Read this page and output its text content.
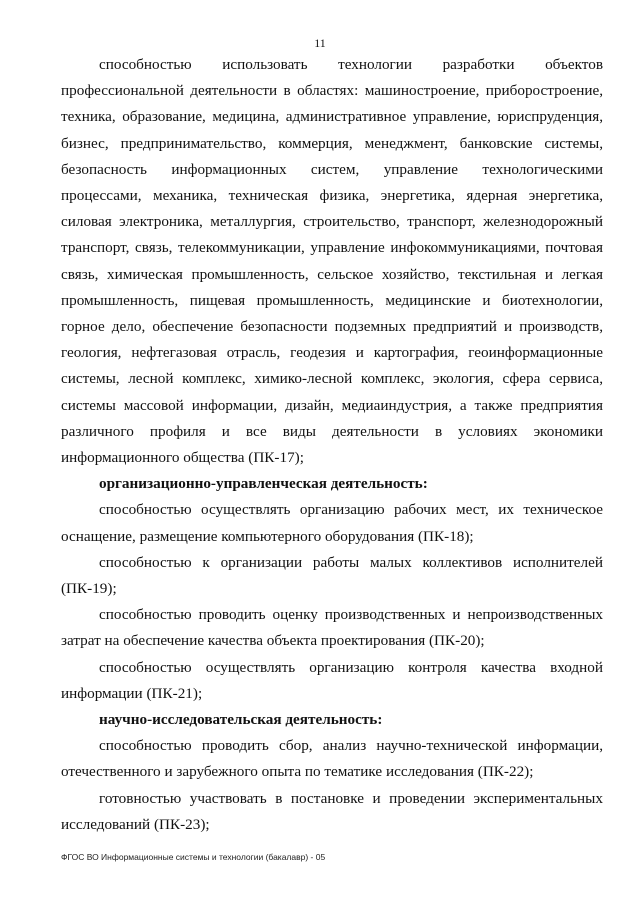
11

способностью использовать технологии разработки объектов профессиональной деятельности в областях: машиностроение, приборостроение, техника, образование, медицина, административное управление, юриспруденция, бизнес, предпринимательство, коммерция, менеджмент, банковские системы, безопасность информационных систем, управление технологическими процессами, механика, техническая физика, энергетика, ядерная энергетика, силовая электроника, металлургия, строительство, транспорт, железнодорожный транспорт, связь, телекоммуникации, управление инфокоммуникациями, почтовая связь, химическая промышленность, сельское хозяйство, текстильная и легкая промышленность, пищевая промышленность, медицинские и биотехнологии, горное дело, обеспечение безопасности подземных предприятий и производств, геология, нефтегазовая отрасль, геодезия и картография, геоинформационные системы, лесной комплекс, химико-лесной комплекс, экология, сфера сервиса, системы массовой информации, дизайн, медиаиндустрия, а также предприятия различного профиля и все виды деятельности в условиях экономики информационного общества (ПК-17);

организационно-управленческая деятельность:

способностью осуществлять организацию рабочих мест, их техническое оснащение, размещение компьютерного оборудования (ПК-18);

способностью к организации работы малых коллективов исполнителей (ПК-19);

способностью проводить оценку производственных и непроизводственных затрат на обеспечение качества объекта проектирования (ПК-20);

способностью осуществлять организацию контроля качества входной информации (ПК-21);

научно-исследовательская деятельность:

способностью проводить сбор, анализ научно-технической информации, отечественного и зарубежного опыта по тематике исследования (ПК-22);

готовностью участвовать в постановке и проведении экспериментальных исследований (ПК-23);

ФГОС ВО Информационные системы и технологии (бакалавр) - 05
